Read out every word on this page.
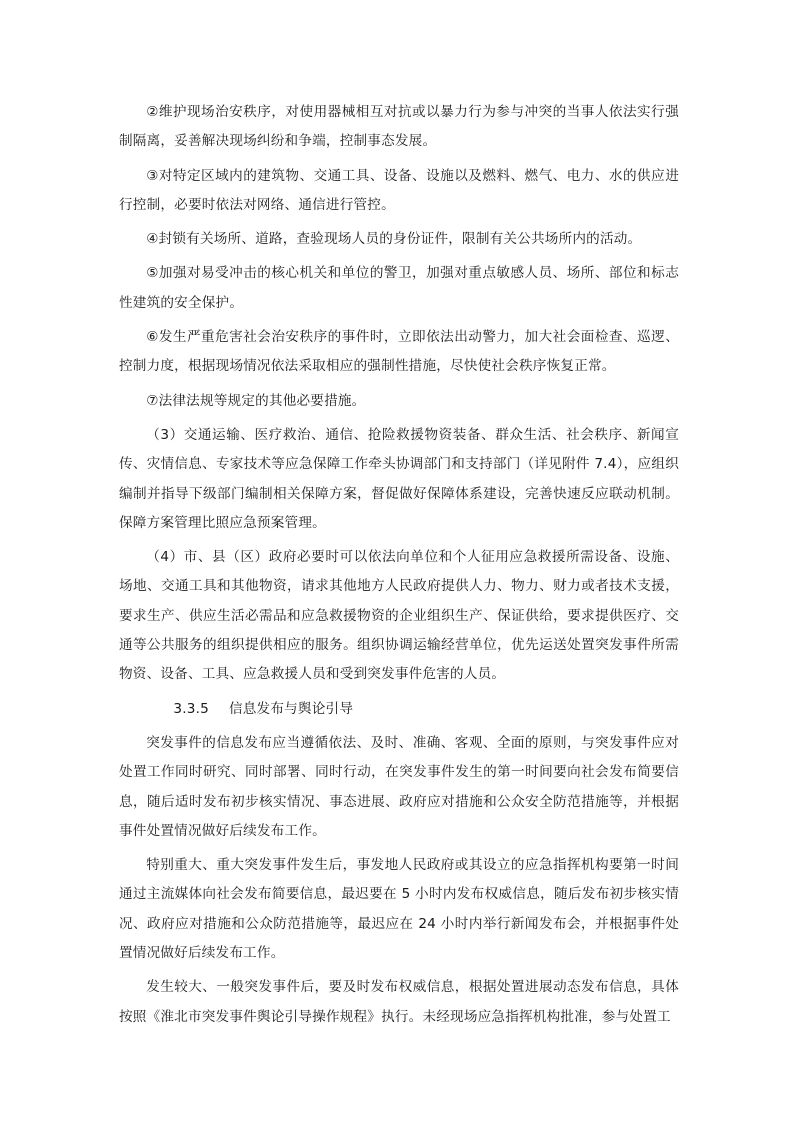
②维护现场治安秩序，对使用器械相互对抗或以暴力行为参与冲突的当事人依法实行强制隔离，妥善解决现场纠纷和争端，控制事态发展。

③对特定区域内的建筑物、交通工具、设备、设施以及燃料、燃气、电力、水的供应进行控制，必要时依法对网络、通信进行管控。

④封锁有关场所、道路，查验现场人员的身份证件，限制有关公共场所内的活动。

⑤加强对易受冲击的核心机关和单位的警卫，加强对重点敏感人员、场所、部位和标志性建筑的安全保护。

⑥发生严重危害社会治安秩序的事件时，立即依法出动警力，加大社会面检查、巡逻、控制力度，根据现场情况依法采取相应的强制性措施，尽快使社会秩序恢复正常。

⑦法律法规等规定的其他必要措施。

（3）交通运输、医疗救治、通信、抢险救援物资装备、群众生活、社会秩序、新闻宣传、灾情信息、专家技术等应急保障工作牵头协调部门和支持部门（详见附件 7.4），应组织编制并指导下级部门编制相关保障方案，督促做好保障体系建设，完善快速反应联动机制。保障方案管理比照应急预案管理。

（4）市、县（区）政府必要时可以依法向单位和个人征用应急救援所需设备、设施、场地、交通工具和其他物资，请求其他地方人民政府提供人力、物力、财力或者技术支援，要求生产、供应生活必需品和应急救援物资的企业组织生产、保证供给，要求提供医疗、交通等公共服务的组织提供相应的服务。组织协调运输经营单位，优先运送处置突发事件所需物资、设备、工具、应急救援人员和受到突发事件危害的人员。

3.3.5 信息发布与舆论引导

突发事件的信息发布应当遵循依法、及时、准确、客观、全面的原则，与突发事件应对处置工作同时研究、同时部署、同时行动，在突发事件发生的第一时间要向社会发布简要信息，随后适时发布初步核实情况、事态进展、政府应对措施和公众安全防范措施等，并根据事件处置情况做好后续发布工作。

特别重大、重大突发事件发生后，事发地人民政府或其设立的应急指挥机构要第一时间通过主流媒体向社会发布简要信息，最迟要在 5 小时内发布权威信息，随后发布初步核实情况、政府应对措施和公众防范措施等，最迟应在 24 小时内举行新闻发布会，并根据事件处置情况做好后续发布工作。

发生较大、一般突发事件后，要及时发布权威信息，根据处置进展动态发布信息，具体按照《淮北市突发事件舆论引导操作规程》执行。未经现场应急指挥机构批准，参与处置工
